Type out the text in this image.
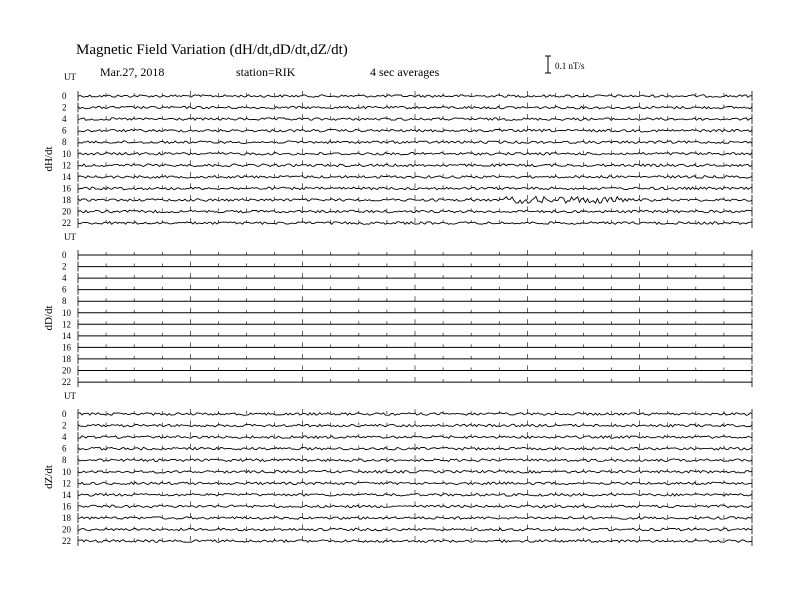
Magnetic Field Variation (dH/dt,dD/dt,dZ/dt)
Mar.27, 2018	station=RIK	4 sec averages	0.1 nT/s
UT
dH/dt
0
2
4
6
8
10
12
14
16
18
20
22
UT
dD/dt
0
2
4
6
8
10
12
14
16
18
20
22
UT
dZ/dt
0
2
4
6
8
10
12
14
16
18
20
22
